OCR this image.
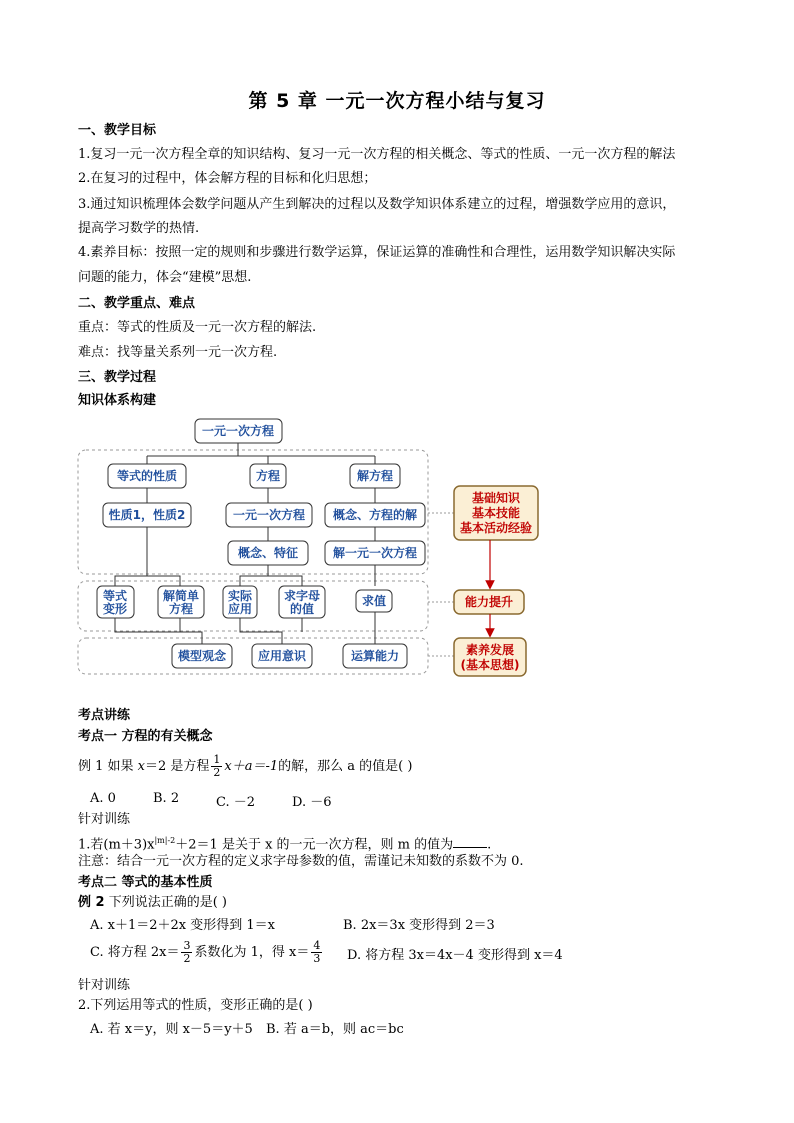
第 5 章 一元一次方程小结与复习
一、教学目标
1.复习一元一次方程全章的知识结构、复习一元一次方程的相关概念、等式的性质、一元一次方程的解法
2.在复习的过程中，体会解方程的目标和化归思想；
3.通过知识梳理体会数学问题从产生到解决的过程以及数学知识体系建立的过程，增强数学应用的意识，
提高学习数学的热情.
4.素养目标：按照一定的规则和步骤进行数学运算，保证运算的准确性和合理性，运用数学知识解决实际
问题的能力，体会“建模”思想.
二、教学重点、难点
重点：等式的性质及一元一次方程的解法.
难点：找等量关系列一元一次方程.
三、教学过程
知识体系构建
一元一次方程
等式的性质	方程	解方程
性质1，性质2	一元一次方程 概念、方程的解
概念、特征	解一元一次方程
等式
变形
解简单
方程
实际
应用
求字母
的值
求值
模型观念	应用意识	运算能力
基础知识
基本技能
基本活动经验
能力提升
素养发展
(基本思想)
考点讲练
考点一 方程的有关概念
例 1 如果 x＝2 是方程 $\frac{1}{2} x+a=-1$的解，那么 a 的值是( )
A. 0	B. 2	C. －2	D. －6
针对训练
1.若$(m+3)x^{|m|-2}+2=1$ 是关于 x 的一元一次方程，则 m 的值为	.
注意：结合一元一次方程的定义求字母参数的值，需谨记未知数的系数不为 0.
考点二 等式的基本性质
例 2 下列说法正确的是( )
A. x＋1＝2＋2x 变形得到 1＝x	B. 2x＝3x 变形得到 2＝3
C. 将方程 $2x= \frac{3}{2}$ 系数化为 1，得 $x= \frac{4}{3} D$. 将方程 3x＝4x－4 变形得到 x＝4
针对训练
2.下列运用等式的性质，变形正确的是( )
A. 若 x＝y，则 x－5＝y＋5 B. 若 a＝b，则 ac＝bc
